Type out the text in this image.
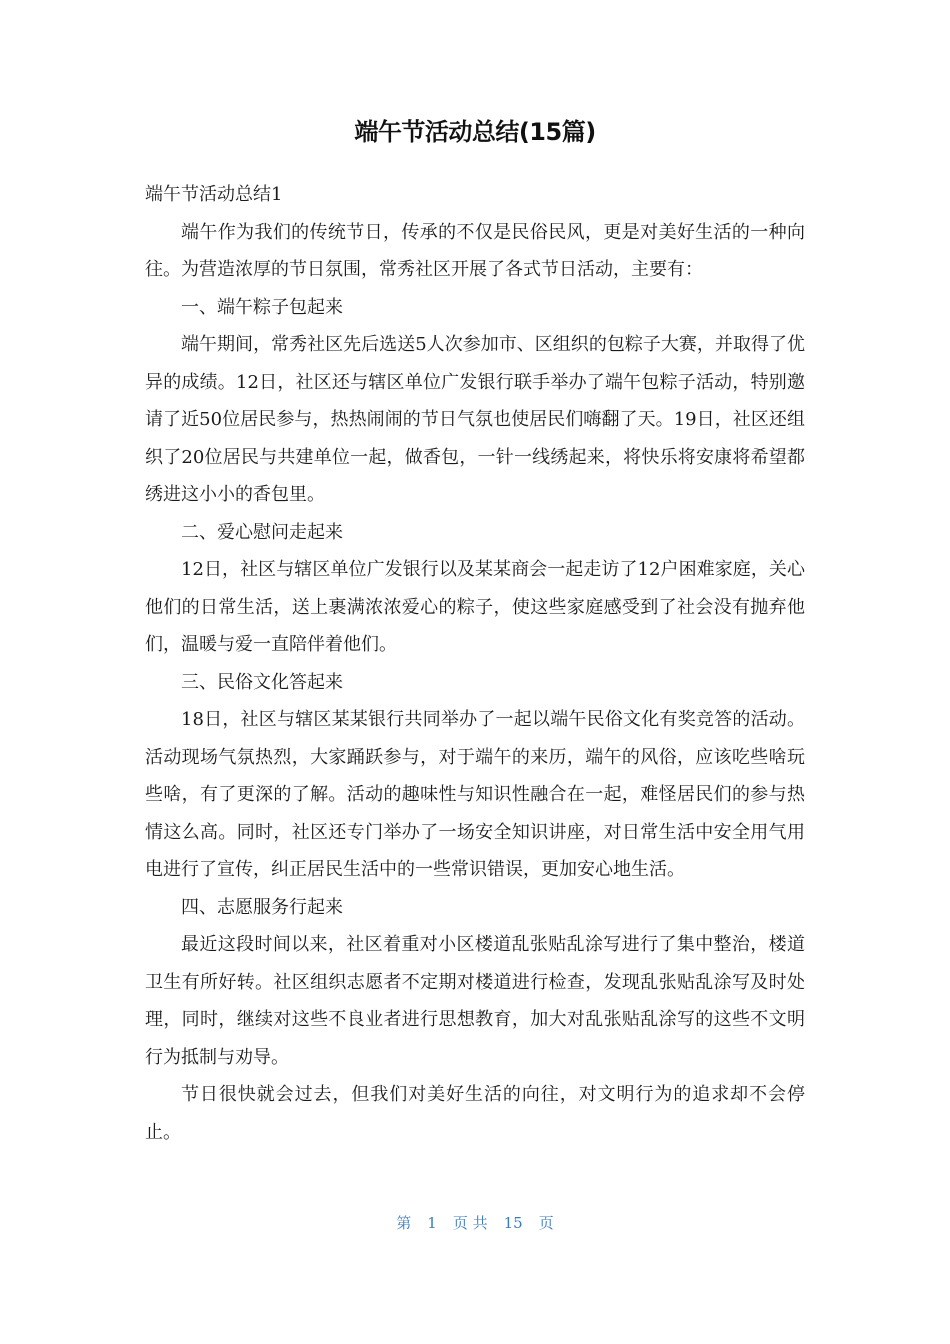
端午节活动总结(15篇)

端午节活动总结1

端午作为我们的传统节日，传承的不仅是民俗民风，更是对美好生活的一种向往。为营造浓厚的节日氛围，常秀社区开展了各式节日活动，主要有：

一、端午粽子包起来

端午期间，常秀社区先后选送5人次参加市、区组织的包粽子大赛，并取得了优异的成绩。12日，社区还与辖区单位广发银行联手举办了端午包粽子活动，特别邀请了近50位居民参与，热热闹闹的节日气氛也使居民们嗨翻了天。19日，社区还组织了20位居民与共建单位一起，做香包，一针一线绣起来，将快乐将安康将希望都绣进这小小的香包里。

二、爱心慰问走起来

12日，社区与辖区单位广发银行以及某某商会一起走访了12户困难家庭，关心他们的日常生活，送上裹满浓浓爱心的粽子，使这些家庭感受到了社会没有抛弃他们，温暖与爱一直陪伴着他们。

三、民俗文化答起来

18日，社区与辖区某某银行共同举办了一起以端午民俗文化有奖竞答的活动。活动现场气氛热烈，大家踊跃参与，对于端午的来历，端午的风俗，应该吃些啥玩些啥，有了更深的了解。活动的趣味性与知识性融合在一起，难怪居民们的参与热情这么高。同时，社区还专门举办了一场安全知识讲座，对日常生活中安全用气用电进行了宣传，纠正居民生活中的一些常识错误，更加安心地生活。

四、志愿服务行起来

最近这段时间以来，社区着重对小区楼道乱张贴乱涂写进行了集中整治，楼道卫生有所好转。社区组织志愿者不定期对楼道进行检查，发现乱张贴乱涂写及时处理，同时，继续对这些不良业者进行思想教育，加大对乱张贴乱涂写的这些不文明行为抵制与劝导。

节日很快就会过去，但我们对美好生活的向往，对文明行为的追求却不会停止。

第 1 页 共 15 页
